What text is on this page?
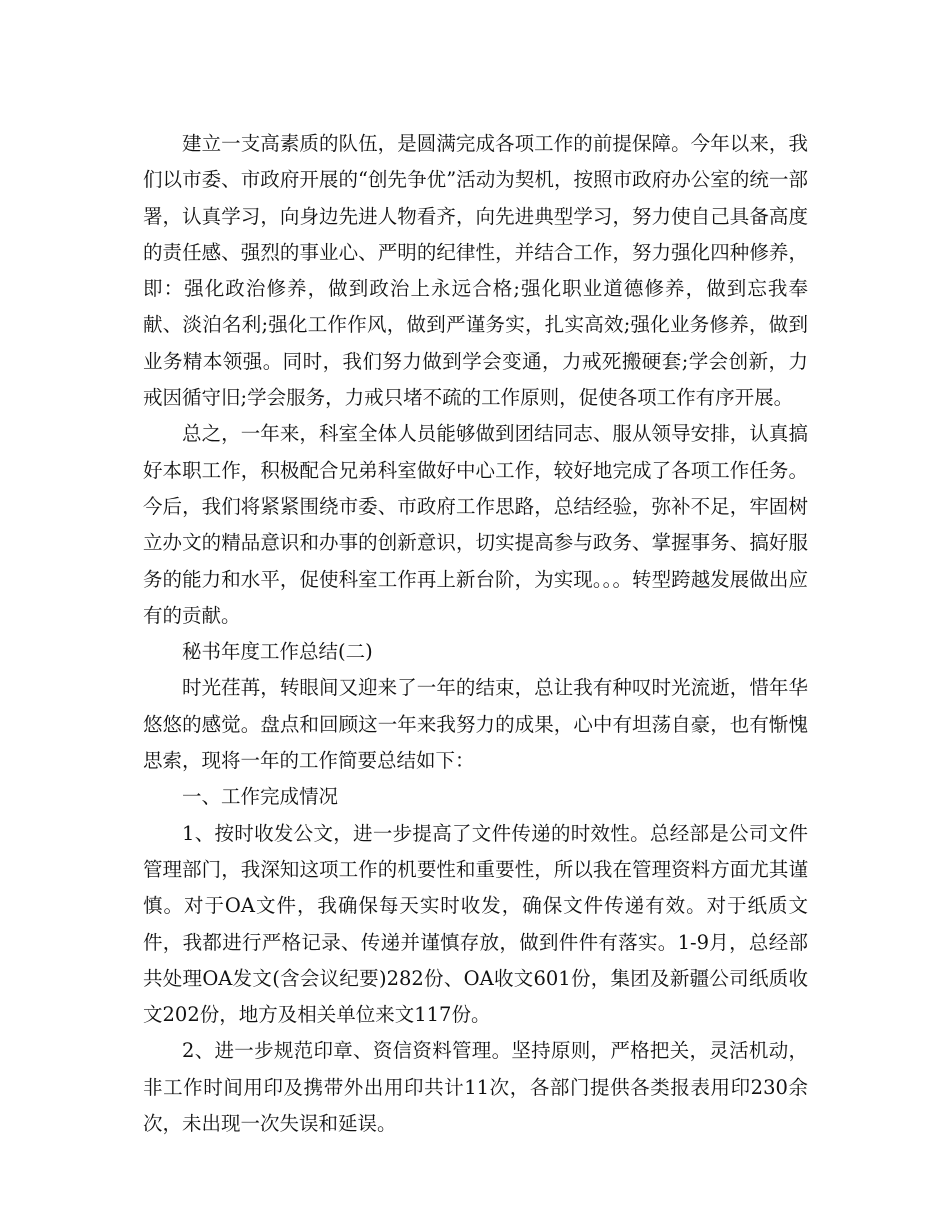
建立一支高素质的队伍，是圆满完成各项工作的前提保障。今年以来，我们以市委、市政府开展的“创先争优”活动为契机，按照市政府办公室的统一部署，认真学习，向身边先进人物看齐，向先进典型学习，努力使自己具备高度的责任感、强烈的事业心、严明的纪律性，并结合工作，努力强化四种修养，即：强化政治修养，做到政治上永远合格;强化职业道德修养，做到忘我奉献、淡泊名利;强化工作作风，做到严谨务实，扎实高效;强化业务修养，做到业务精本领强。同时，我们努力做到学会变通，力戒死搬硬套;学会创新，力戒因循守旧;学会服务，力戒只堵不疏的工作原则，促使各项工作有序开展。

总之，一年来，科室全体人员能够做到团结同志、服从领导安排，认真搞好本职工作，积极配合兄弟科室做好中心工作，较好地完成了各项工作任务。今后，我们将紧紧围绕市委、市政府工作思路，总结经验，弥补不足，牢固树立办文的精品意识和办事的创新意识，切实提高参与政务、掌握事务、搞好服务的能力和水平，促使科室工作再上新台阶，为实现。。。转型跨越发展做出应有的贡献。

秘书年度工作总结(二)

时光荏苒，转眼间又迎来了一年的结束，总让我有种叹时光流逝，惜年华悠悠的感觉。盘点和回顾这一年来我努力的成果，心中有坦荡自豪，也有惭愧思索，现将一年的工作简要总结如下：

一、工作完成情况

1、按时收发公文，进一步提高了文件传递的时效性。总经部是公司文件管理部门，我深知这项工作的机要性和重要性，所以我在管理资料方面尤其谨慎。对于OA文件，我确保每天实时收发，确保文件传递有效。对于纸质文件，我都进行严格记录、传递并谨慎存放，做到件件有落实。1-9月，总经部共处理OA发文(含会议纪要)282份、OA收文601份，集团及新疆公司纸质收文202份，地方及相关单位来文117份。

2、进一步规范印章、资信资料管理。坚持原则，严格把关，灵活机动，非工作时间用印及携带外出用印共计11次，各部门提供各类报表用印230余次，未出现一次失误和延误。
